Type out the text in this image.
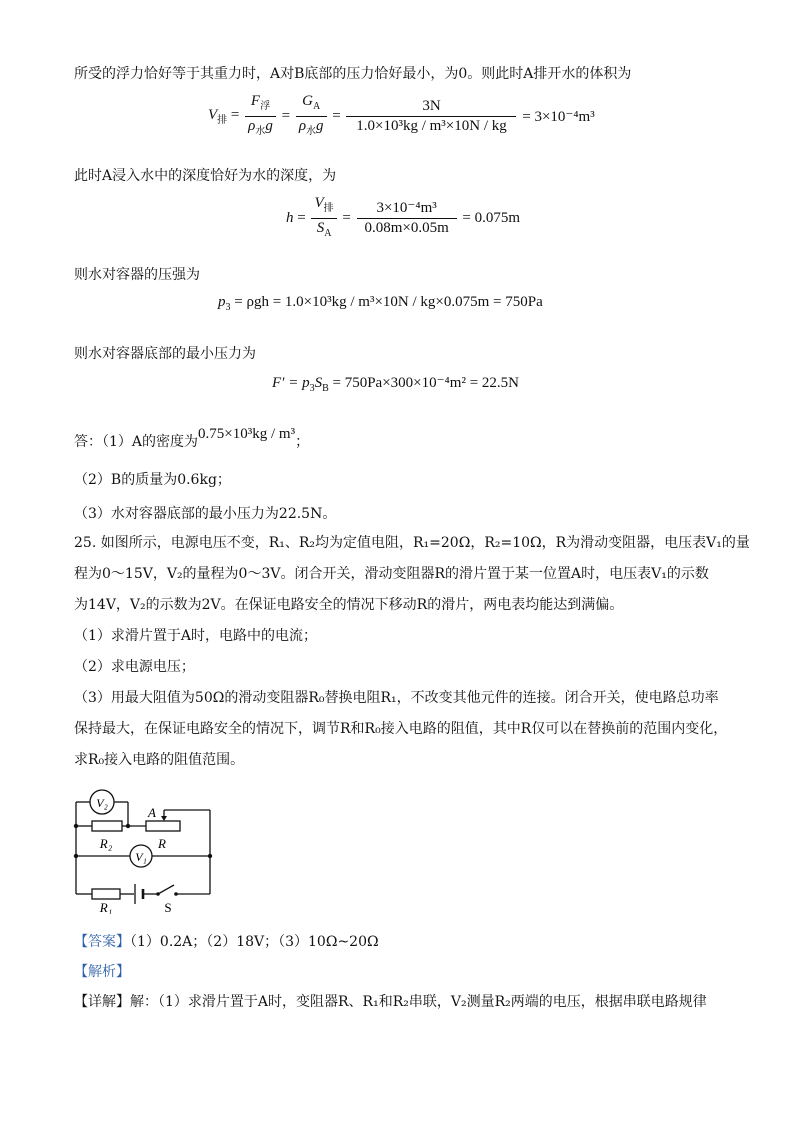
所受的浮力恰好等于其重力时，A对B底部的压力恰好最小，为0。则此时A排开水的体积为
$V_排 = \frac{F_浮}{\rho_水g} = \frac{G_A}{\rho_水g} = \frac{3N}{\text{1.0×10³kg / m³×10N / kg}} = 3\times 10^{-4}m^3$
此时A浸入水中的深度恰好为水的深度，为
$h = \frac{V_排}{S_A} = \frac{\text{3×10⁻⁴m³}}{0.08m\times 0.05m} = 0.075m$
则水对容器的压强为
$p_3 = \rho gh = 1.0\times 10^3kg / m^3\times 10N / kg\times 0.075m = 750Pa$
则水对容器底部的最小压力为
$F' = p_3S_B = 750Pa\times 300\times 10^{-4}m^2 = 22.5N$
答：（1）A的密度为0.75×10³kg / m³；
（2）B的质量为0.6kg；
（3）水对容器底部的最小压力为22.5N。
25. 如图所示，电源电压不变，R₁、R₂均为定值电阻，R₁=20Ω，R₂=10Ω，R为滑动变阻器，电压表V₁的量
程为0～15V，V₂的量程为0～3V。闭合开关，滑动变阻器R的滑片置于某一位置A时，电压表V₁的示数
为14V，V₂的示数为2V。在保证电路安全的情况下移动R的滑片，两电表均能达到满偏。
（1）求滑片置于A时，电路中的电流；
（2）求电源电压；
（3）用最大阻值为50Ω的滑动变阻器R₀替换电阻R₁，不改变其他元件的连接。闭合开关，使电路总功率
保持最大，在保证电路安全的情况下，调节R和R₀接入电路的阻值，其中R仅可以在替换前的范围内变化，
求R₀接入电路的阻值范围。
V₂
R₂
A
R
V₁
R₁	S
【答案】（1）0.2A；（2）18V；（3）10Ω~20Ω
【解析】
【详解】解：（1）求滑片置于A时，变阻器R、R₁和R₂串联，V₂测量R₂两端的电压，根据串联电路规律
